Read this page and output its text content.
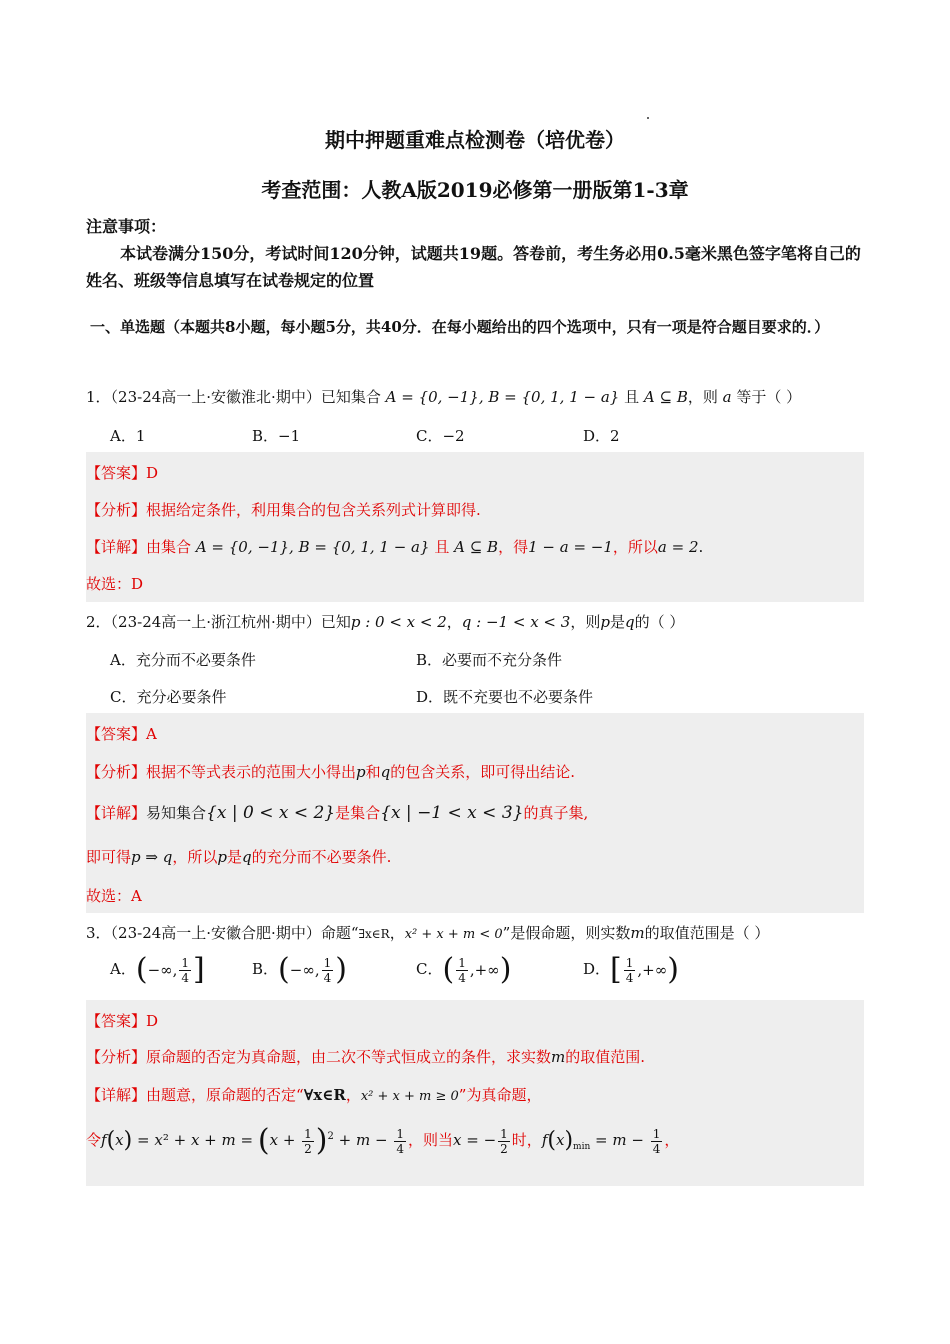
期中押题重难点检测卷（培优卷）
考查范围：人教A版2019必修第一册版第1-3章
注意事项：
本试卷满分150分，考试时间120分钟，试题共19题。答卷前，考生务必用0.5毫米黑色签字笔将自己的姓名、班级等信息填写在试卷规定的位置
一、单选题（本题共8小题，每小题5分，共40分．在每小题给出的四个选项中，只有一项是符合题目要求的．）
1．（23-24高一上·安徽淮北·期中）已知集合 A = {0, −1}, B = {0, 1, 1 − a} 且 A ⊆ B，则 a 等于（ ）
A．1	B．−1	C．−2	D．2
【答案】D
【分析】根据给定条件，利用集合的包含关系列式计算即得.
【详解】由集合 A = {0, −1}, B = {0, 1, 1 − a} 且 A ⊆ B，得1 − a = −1，所以a = 2.
故选：D
2．（23-24高一上·浙江杭州·期中）已知p : 0 < x < 2，q : −1 < x < 3，则p是q的（ ）
A．充分而不必要条件	B．必要而不充分条件
C．充分必要条件	D．既不充要也不必要条件
【答案】A
【分析】根据不等式表示的范围大小得出p和q的包含关系，即可得出结论.
【详解】易知集合{x | 0 < x < 2}是集合{x | −1 < x < 3}的真子集,
即可得p ⇒ q，所以p是q的充分而不必要条件.
故选：A
3．（23-24高一上·安徽合肥·期中）命题“∃x∈R，x² + x + m < 0”是假命题，则实数m的取值范围是（ ）
A．(−∞, $\frac{1}{4}$ ]	B．(−∞, $\frac{1}{4}$ )	C．( $\frac{1}{4}$ ,+∞)	D．[ $\frac{1}{4}$ ,+∞)
【答案】D
【分析】原命题的否定为真命题，由二次不等式恒成立的条件，求实数m的取值范围.
【详解】由题意，原命题的否定“∀x∈R，x² + x + m ≥ 0”为真命题，
令$f(x) = x^2 + x + m = (x + \frac{1}{2} )^2 + m - \frac{1}{4}$ ，则当x = − $\frac{1}{2}$ 时，$f(x)_{min} = m - \frac{1}{4}$ ，
